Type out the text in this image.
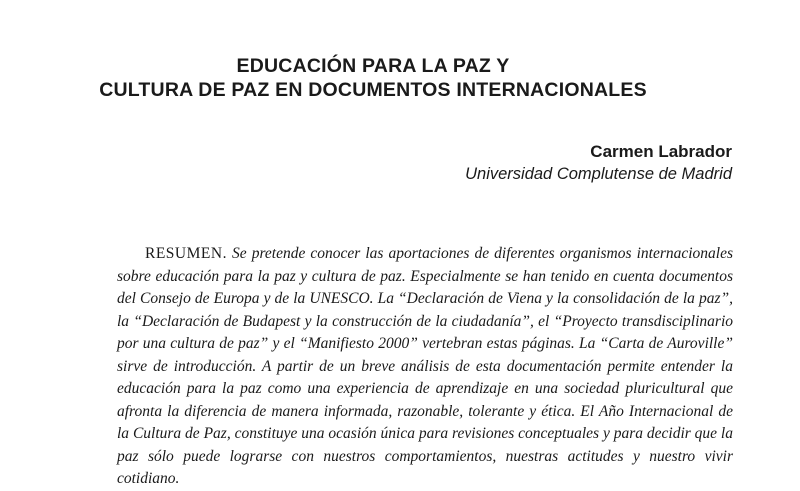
EDUCACIÓN PARA LA PAZ Y
CULTURA DE PAZ EN DOCUMENTOS INTERNACIONALES
Carmen Labrador
Universidad Complutense de Madrid

RESUMEN. Se pretende conocer las aportaciones de diferentes organismos internacionales sobre educación para la paz y cultura de paz. Especialmente se han tenido en cuenta documentos del Consejo de Europa y de la UNESCO. La “Declaración de Viena y la consolidación de la paz”, la “Declaración de Budapest y la construcción de la ciudadanía”, el “Proyecto transdisciplinario por una cultura de paz” y el “Manifiesto 2000” vertebran estas páginas. La “Carta de Auroville” sirve de introducción. A partir de un breve análisis de esta documentación permite entender la educación para la paz como una experiencia de aprendizaje en una sociedad pluricultural que afronta la diferencia de manera informada, razonable, tolerante y ética. El Año Internacional de la Cultura de Paz, constituye una ocasión única para revisiones conceptuales y para decidir que la paz sólo puede lograrse con nuestros comportamientos, nuestras actitudes y nuestro vivir cotidiano.
